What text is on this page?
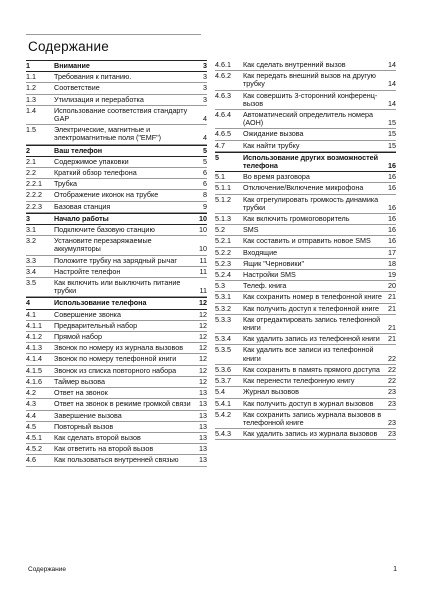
Содержание
1	Внимание	3
1.1	Требования к питанию.	3
1.2	Соответствие	3
1.3	Утилизация и переработка	3
1.4	Использование соответствия стандарту GAP	4
1.5	Электрические, магнитные и электромагнитные поля ("EMF")	4
2	Ваш телефон	5
2.1	Содержимое упаковки	5
2.2	Краткий обзор телефона	6
2.2.1	Трубка	6
2.2.2	Отображение иконок на трубке	8
2.2.3	Базовая станция	9
3	Начало работы	10
3.1	Подключите базовую станцию	10
3.2	Установите перезаряжаемые аккумуляторы	10
3.3	Положите трубку на зарядный рычаг	11
3.4	Настройте телефон	11
3.5	Как включить или выключить питание трубки	11
4	Использование телефона	12
4.1	Совершение звонка	12
4.1.1	Предварительный набор	12
4.1.2	Прямой набор	12
4.1.3	Звонок по номеру из журнала вызовов	12
4.1.4	Звонок по номеру телефонной книги	12
4.1.5	Звонок из списка повторного набора	12
4.1.6	Таймер вызова	12
4.2	Ответ на звонок	13
4.3	Ответ на звонок в режиме громкой связи	13
4.4	Завершение вызова	13
4.5	Повторный вызов	13
4.5.1	Как сделать второй вызов	13
4.5.2	Как ответить на второй вызов	13
4.6	Как пользоваться внутренней связью	13
4.6.1	Как сделать внутренний вызов	14
4.6.2	Как передать внешний вызов на другую трубку	14
4.6.3	Как совершить 3-сторонний конференц-вызов	14
4.6.4	Автоматический определитель номера (АОН)	15
4.6.5	Ожидание вызова	15
4.7	Как найти трубку	15
5	Использование других возможностей телефона	16
5.1	Во время разговора	16
5.1.1	Отключение/Включение микрофона	16
5.1.2	Как отрегулировать громкость динамика трубки	16
5.1.3	Как включить громкоговоритель	16
5.2	SMS	16
5.2.1	Как составить и отправить новое SMS	16
5.2.2	Входящие	17
5.2.3	Ящик "Черновики"	18
5.2.4	Настройки SMS	19
5.3	Телеф. книга	20
5.3.1	Как сохранить номер в телефонной книге 21
5.3.2	Как получить доступ к телефонной книге	21
5.3.3	Как отредактировать запись телефонной книги	21
5.3.4	Как удалить запись из телефонной книги	21
5.3.5	Как удалить все записи из телефонной книги	22
5.3.6	Как сохранить в память прямого доступа	22
5.3.7	Как перенести телефонную книгу	22
5.4	Журнал вызовов	23
5.4.1	Как получить доступ в журнал вызовов	23
5.4.2	Как сохранить запись журнала вызовов в телефонной книге	23
5.4.3	Как удалить запись из журнала вызовов	23
Содержание	1
